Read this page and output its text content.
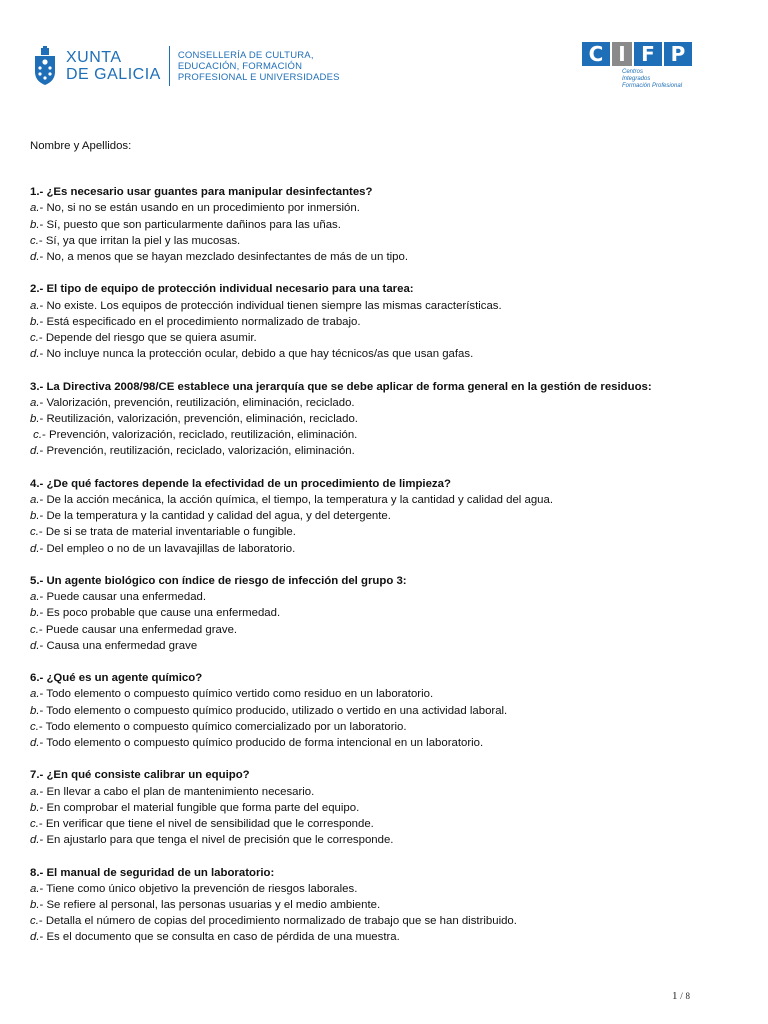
XUNTA
DE GALICIA
CONSELLERÍA DE CULTURA,
EDUCACIÓN, FORMACIÓN
PROFESIONAL E UNIVERSIDADES
C I F P
Centros
Integrados
Formación Profesional
Nombre y Apellidos:
1.- ¿Es necesario usar guantes para manipular desinfectantes?
a.- No, si no se están usando en un procedimiento por inmersión.
b.- Sí, puesto que son particularmente dañinos para las uñas.
c.- Sí, ya que irritan la piel y las mucosas.
d.- No, a menos que se hayan mezclado desinfectantes de más de un tipo.
2.- El tipo de equipo de protección individual necesario para una tarea:
a.- No existe. Los equipos de protección individual tienen siempre las mismas características.
b.- Está especificado en el procedimiento normalizado de trabajo.
c.- Depende del riesgo que se quiera asumir.
d.- No incluye nunca la protección ocular, debido a que hay técnicos/as que usan gafas.
3.- La Directiva 2008/98/CE establece una jerarquía que se debe aplicar de forma general en la gestión de residuos:
a.- Valorización, prevención, reutilización, eliminación, reciclado.
b.- Reutilización, valorización, prevención, eliminación, reciclado.
c.- Prevención, valorización, reciclado, reutilización, eliminación.
d.- Prevención, reutilización, reciclado, valorización, eliminación.
4.- ¿De qué factores depende la efectividad de un procedimiento de limpieza?
a.- De la acción mecánica, la acción química, el tiempo, la temperatura y la cantidad y calidad del agua.
b.- De la temperatura y la cantidad y calidad del agua, y del detergente.
c.- De si se trata de material inventariable o fungible.
d.- Del empleo o no de un lavavajillas de laboratorio.
5.- Un agente biológico con índice de riesgo de infección del grupo 3:
a.- Puede causar una enfermedad.
b.- Es poco probable que cause una enfermedad.
c.- Puede causar una enfermedad grave.
d.- Causa una enfermedad grave
6.- ¿Qué es un agente químico?
a.- Todo elemento o compuesto químico vertido como residuo en un laboratorio.
b.- Todo elemento o compuesto químico producido, utilizado o vertido en una actividad laboral.
c.- Todo elemento o compuesto químico comercializado por un laboratorio.
d.- Todo elemento o compuesto químico producido de forma intencional en un laboratorio.
7.- ¿En qué consiste calibrar un equipo?
a.- En llevar a cabo el plan de mantenimiento necesario.
b.- En comprobar el material fungible que forma parte del equipo.
c.- En verificar que tiene el nivel de sensibilidad que le corresponde.
d.- En ajustarlo para que tenga el nivel de precisión que le corresponde.
8.- El manual de seguridad de un laboratorio:
a.- Tiene como único objetivo la prevención de riesgos laborales.
b.- Se refiere al personal, las personas usuarias y el medio ambiente.
c.- Detalla el número de copias del procedimiento normalizado de trabajo que se han distribuido.
d.- Es el documento que se consulta en caso de pérdida de una muestra.
1 / 8
